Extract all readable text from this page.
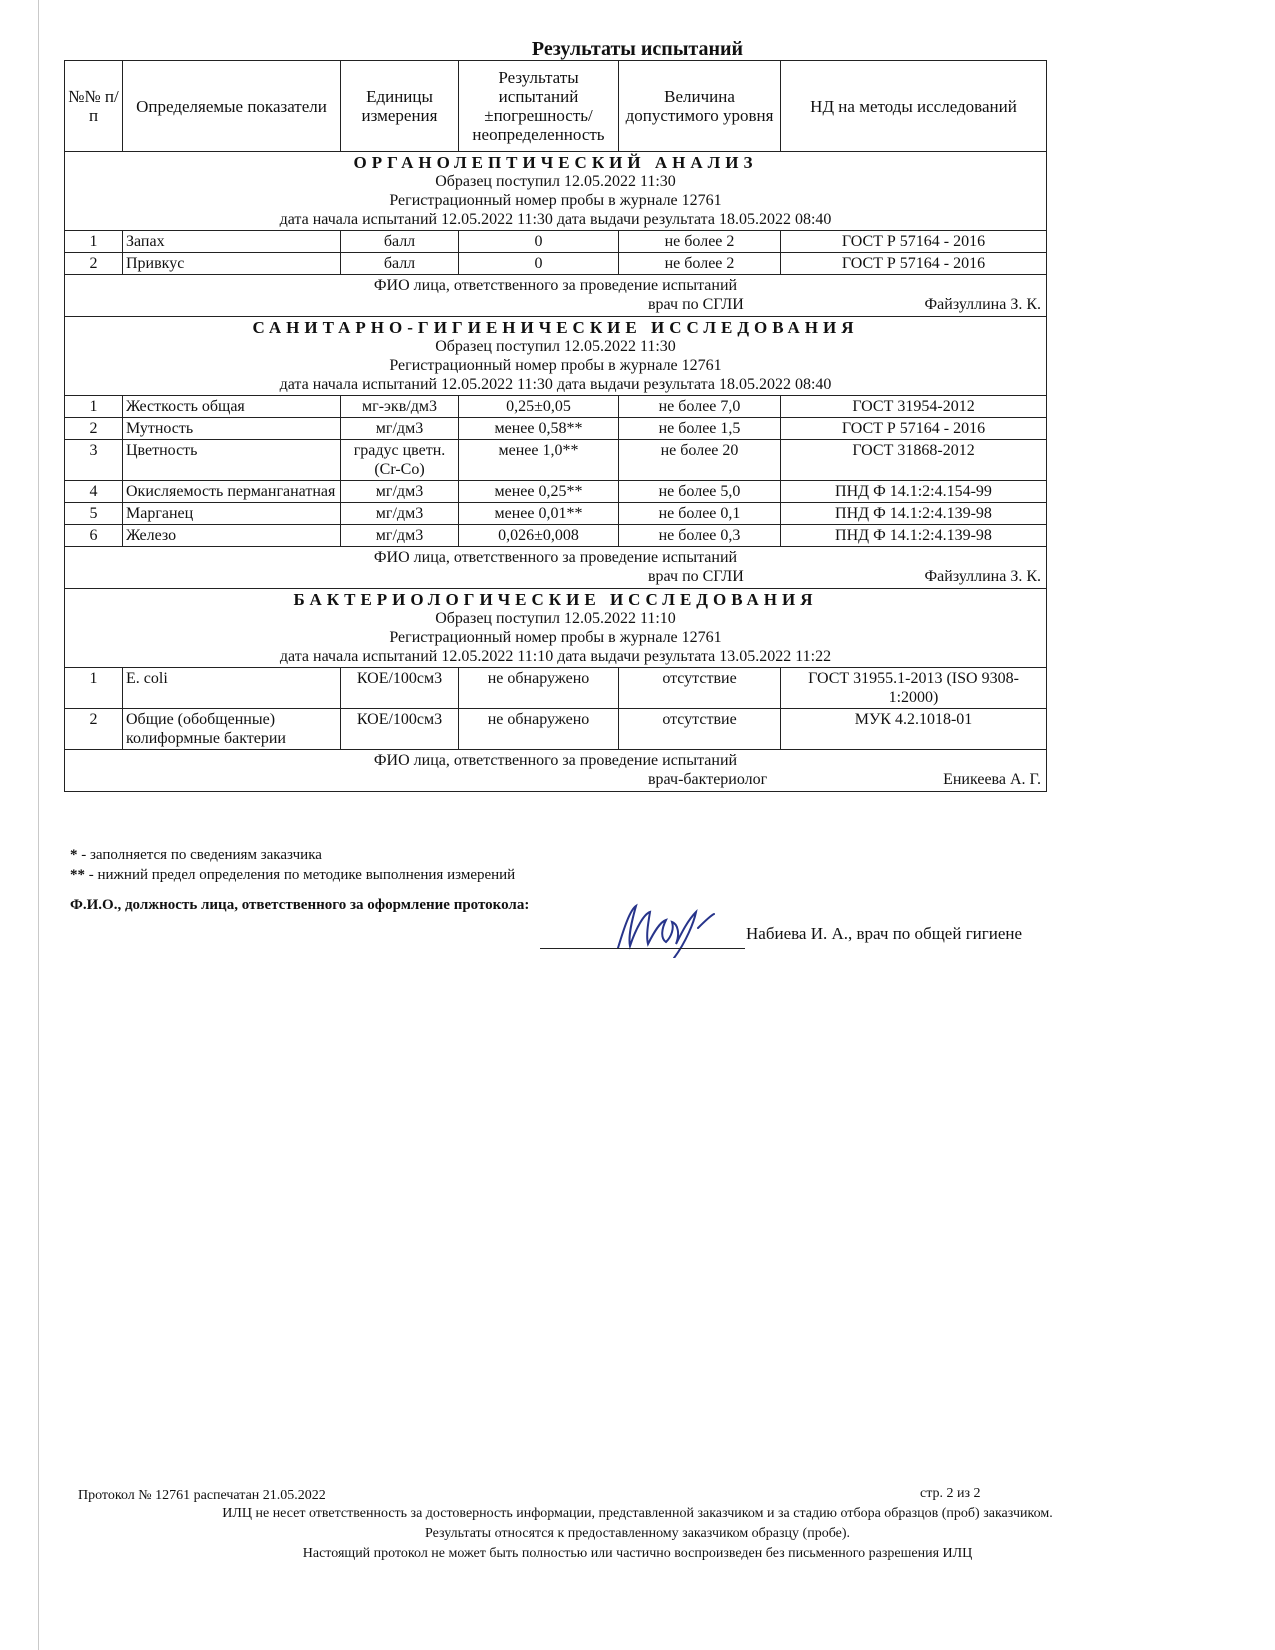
Результаты испытаний
№№ п/п	Определяемые показатели	Единицы измерения	Результаты испытаний ±погрешность/ неопределенность	Величина допустимого уровня	НД на методы исследований

ОРГАНОЛЕПТИЧЕСКИЙ АНАЛИЗ
Образец поступил 12.05.2022 11:30
Регистрационный номер пробы в журнале 12761
дата начала испытаний 12.05.2022 11:30 дата выдачи результата 18.05.2022 08:40					

1	Запах	балл	0	не более 2	ГОСТ Р 57164 - 2016
2	Привкус	балл	0	не более 2	ГОСТ Р 57164 - 2016

ФИО лица, ответственного за проведение испытаний
врач по СГЛИ Файзуллина З. К.					

САНИТАРНО-ГИГИЕНИЧЕСКИЕ ИССЛЕДОВАНИЯ
Образец поступил 12.05.2022 11:30
Регистрационный номер пробы в журнале 12761
дата начала испытаний 12.05.2022 11:30 дата выдачи результата 18.05.2022 08:40					

1	Жесткость общая	мг-экв/дм3	0,25±0,05	не более 7,0	ГОСТ 31954-2012
2	Мутность	мг/дм3	менее 0,58**	не более 1,5	ГОСТ Р 57164 - 2016
3	Цветность	градус цветн.(Cr-Co)	менее 1,0**	не более 20	ГОСТ 31868-2012
4	Окисляемость перманганатная	мг/дм3	менее 0,25**	не более 5,0	ПНД Ф 14.1:2:4.154-99
5	Марганец	мг/дм3	менее 0,01**	не более 0,1	ПНД Ф 14.1:2:4.139-98
6	Железо	мг/дм3	0,026±0,008	не более 0,3	ПНД Ф 14.1:2:4.139-98

ФИО лица, ответственного за проведение испытаний
врач по СГЛИ Файзуллина З. К.					

БАКТЕРИОЛОГИЧЕСКИЕ ИССЛЕДОВАНИЯ
Образец поступил 12.05.2022 11:10
Регистрационный номер пробы в журнале 12761
дата начала испытаний 12.05.2022 11:10 дата выдачи результата 13.05.2022 11:22					

1	E. coli	КОЕ/100см3	не обнаружено	отсутствие	ГОСТ 31955.1-2013 (ISO 9308-1:2000)
2	Общие (обобщенные) колиформные бактерии	КОЕ/100см3	не обнаружено	отсутствие	МУК 4.2.1018-01

ФИО лица, ответственного за проведение испытаний
врач-бактериолог Еникеева А. Г.					
* - заполняется по сведениям заказчика
** - нижний предел определения по методике выполнения измерений
Ф.И.О., должность лица, ответственного за оформление протокола:
Набиева И. А., врач по общей гигиене
Протокол № 12761 распечатан 21.05.2022	стр. 2 из 2
ИЛЦ не несет ответственность за достоверность информации, представленной заказчиком и за стадию отбора образцов (проб) заказчиком.
Результаты относятся к предоставленному заказчиком образцу (пробе).
Настоящий протокол не может быть полностью или частично воспроизведен без письменного разрешения ИЛЦ
